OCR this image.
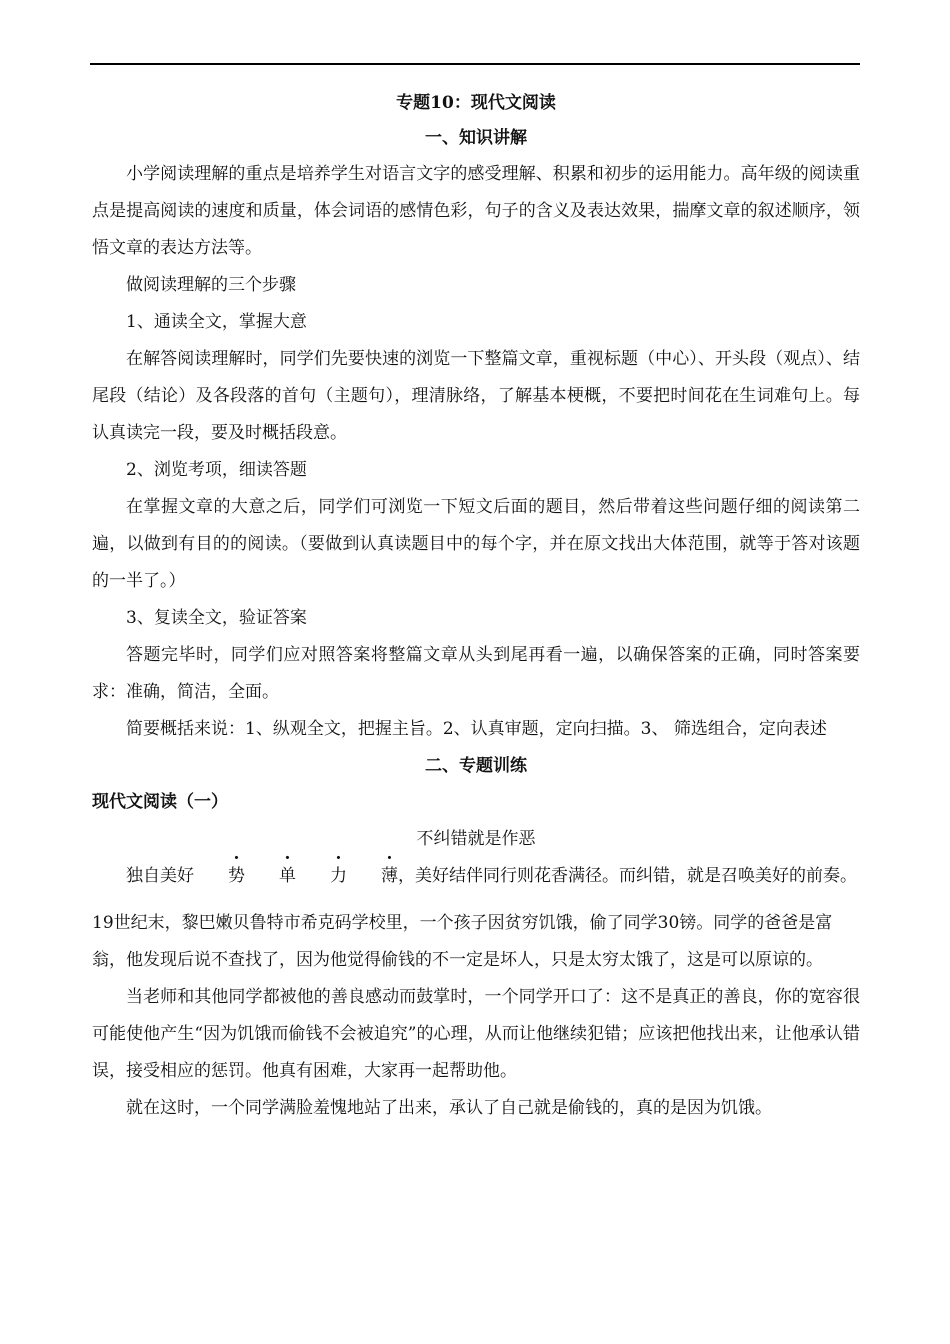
专题10：现代文阅读

一、知识讲解

小学阅读理解的重点是培养学生对语言文字的感受理解、积累和初步的运用能力。高年级的阅读重点是提高阅读的速度和质量，体会词语的感情色彩，句子的含义及表达效果，揣摩文章的叙述顺序，领悟文章的表达方法等。

做阅读理解的三个步骤

1、通读全文，掌握大意

在解答阅读理解时，同学们先要快速的浏览一下整篇文章，重视标题（中心）、开头段（观点）、结尾段（结论）及各段落的首句（主题句），理清脉络，了解基本梗概，不要把时间花在生词难句上。每认真读完一段，要及时概括段意。

2、浏览考项，细读答题

在掌握文章的大意之后，同学们可浏览一下短文后面的题目，然后带着这些问题仔细的阅读第二遍，以做到有目的的阅读。（要做到认真读题目中的每个字，并在原文找出大体范围，就等于答对该题的一半了。）

3、复读全文，验证答案

答题完毕时，同学们应对照答案将整篇文章从头到尾再看一遍，以确保答案的正确，同时答案要求：准确，简洁，全面。

简要概括来说：1、纵观全文，把握主旨。2、认真审题，定向扫描。3、 筛选组合，定向表述

二、专题训练

现代文阅读（一）

不纠错就是作恶

独自美好 势 单 力 薄，美好结伴同行则花香满径。而纠错，就是召唤美好的前奏。

19世纪末，黎巴嫩贝鲁特市希克码学校里，一个孩子因贫穷饥饿，偷了同学30镑。同学的爸爸是富翁，他发现后说不查找了，因为他觉得偷钱的不一定是坏人，只是太穷太饿了，这是可以原谅的。

当老师和其他同学都被他的善良感动而鼓掌时，一个同学开口了：这不是真正的善良，你的宽容很可能使他产生“因为饥饿而偷钱不会被追究”的心理，从而让他继续犯错；应该把他找出来，让他承认错误，接受相应的惩罚。他真有困难，大家再一起帮助他。

就在这时，一个同学满脸羞愧地站了出来，承认了自己就是偷钱的，真的是因为饥饿。
